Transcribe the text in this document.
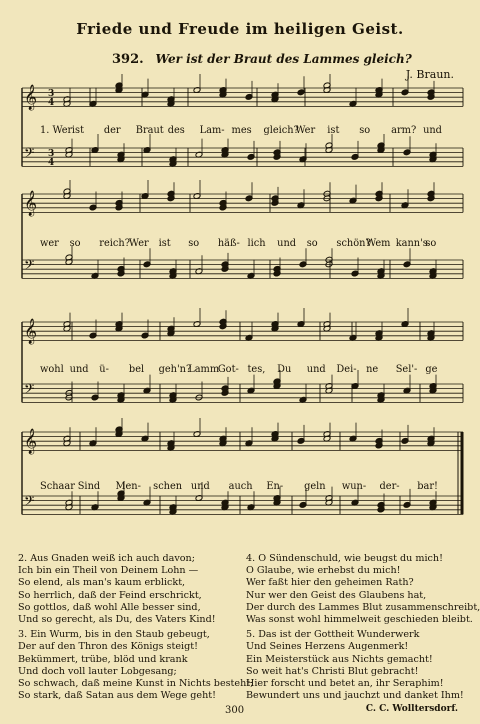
Friede und Freude im heiligen Geist.
392. Wer ist der Braut des Lammes gleich?
J. Braun.
𝄞
𝄢
3
4
3
4
𝄞
𝄢
𝄞
𝄢
𝄞
𝄢
1. Wer ist der Braut des Lam- mes gleich?
Wer ist so arm? und
wer so reich?
Wer ist so häß- lich und so schön?
Wem kann's
so
wohl und ü- bel geh'n?
Lamm
Got- tes, Du und Dei- ne Sel'- ge
Schaar Sind Men- schen und auch En- geln wun- der- bar!
2. Aus Gnaden weiß ich auch davon;
Ich bin ein Theil von Deinem Lohn —
So elend, als man's kaum erblickt,
So herrlich, daß der Feind erschrickt,
So gottlos, daß wohl Alle besser sind,
Und so gerecht, als Du, des Vaters Kind!
3. Ein Wurm, bis in den Staub gebeugt,
Der auf den Thron des Königs steigt!
Bekümmert, trübe, blöd und krank
Und doch voll lauter Lobgesang;
So schwach, daß meine Kunst in Nichts besteht;
So stark, daß Satan aus dem Wege geht!
4. O Sündenschuld, wie beugst du mich!
O Glaube, wie erhebst du mich!
Wer faßt hier den geheimen Rath?
Nur wer den Geist des Glaubens hat,
Der durch des Lammes Blut zusammenschreibt,
Was sonst wohl himmelweit geschieden bleibt.
5. Das ist der Gottheit Wunderwerk
Und Seines Herzens Augenmerk!
Ein Meisterstück aus Nichts gemacht!
So weit hat's Christi Blut gebracht!
Hier forscht und betet an, ihr Seraphim!
Bewundert uns und jauchzt und danket Ihm!
300	C. C. Wolltersdorf.
